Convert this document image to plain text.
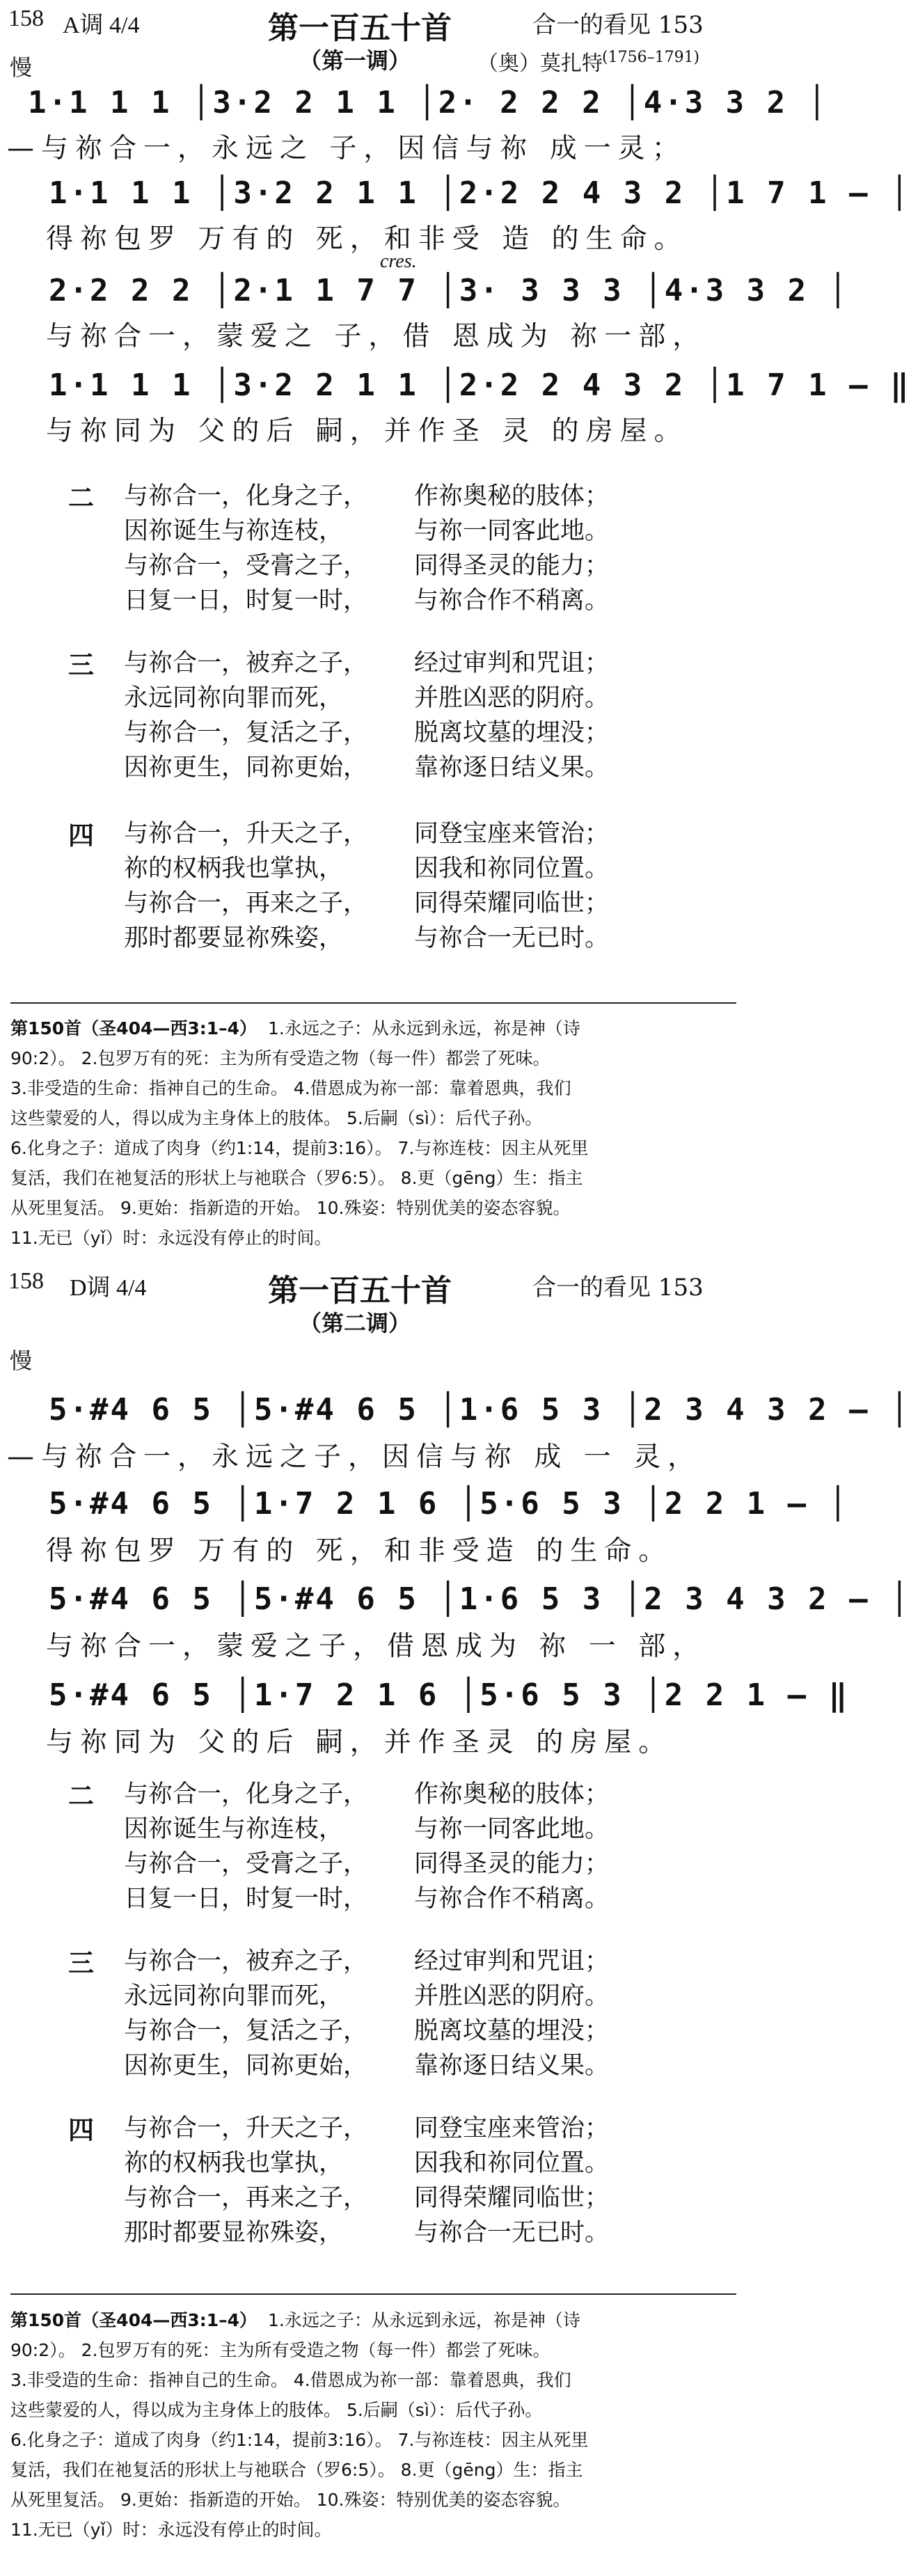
158 A调 4/4	第一百五十首	合一的看见 153
（第一调）	（奥）莫扎特 (1756–1791)
慢
1·1 1 1 │3·2 2 1 1 │2· 2 2 2 │4·3 3 2 │
—与祢合一，永远之 子，因信与祢 成一灵；
1·1 1 1 │3·2 2 1 1 │2·2 2 4 3 2 │1 7 1 – │
得祢包罗 万有的 死，和非受 造 的生命。
cres.
2·2 2 2 │2·1 1 7 7 │3· 3 3 3 │4·3 3 2 │
与祢合一，蒙爱之 子，借 恩成为 祢一部，
1·1 1 1 │3·2 2 1 1 │2·2 2 4 3 2 │1 7 1 – ‖
与祢同为 父的后 嗣，并作圣 灵 的房屋。
二 与祢合一，化身之子， 作祢奥秘的肢体；
因祢诞生与祢连枝，	与祢一同客此地。
与祢合一，受膏之子， 同得圣灵的能力；
日复一日，时复一时， 与祢合作不稍离。
三 与祢合一，被弃之子， 经过审判和咒诅；
永远同祢向罪而死，	并胜凶恶的阴府。
与祢合一，复活之子， 脱离坟墓的埋没；
因祢更生，同祢更始， 靠祢逐日结义果。
四 与祢合一，升天之子， 同登宝座来管治；
祢的权柄我也掌执，	因我和祢同位置。
与祢合一，再来之子， 同得荣耀同临世；
那时都要显祢殊姿，	与祢合一无已时。
第150首（圣404—西3:1–4） 1.永远之子：从永远到永远，祢是神（诗
90:2）。 2.包罗万有的死：主为所有受造之物（每一件）都尝了死味。
3.非受造的生命：指神自己的生命。 4.借恩成为祢一部：靠着恩典，我们
这些蒙爱的人，得以成为主身体上的肢体。 5.后嗣（sì）：后代子孙。
6.化身之子：道成了肉身（约1:14，提前3:16）。 7.与祢连枝：因主从死里
复活，我们在祂复活的形状上与祂联合（罗6:5）。 8.更（gēng）生：指主
从死里复活。 9.更始：指新造的开始。 10.殊姿：特别优美的姿态容貌。
11.无已（yǐ）时：永远没有停止的时间。
158 D调 4/4	第一百五十首	合一的看见 153
（第二调）
慢
5·#4 6 5 │5·#4 6 5 │1·6 5 3 │2 3 4 3 2 – │
—与祢合一，永远之子，因信与祢 成 一 灵，
5·#4 6 5 │1·7 2 1 6 │5·6 5 3 │2 2 1 – │
得祢包罗 万有的 死，和非受造 的生命。
5·#4 6 5 │5·#4 6 5 │1·6 5 3 │2 3 4 3 2 – │
与祢合一，蒙爱之子，借恩成为 祢 一 部，
5·#4 6 5 │1·7 2 1 6 │5·6 5 3 │2 2 1 – ‖
与祢同为 父的后 嗣，并作圣灵 的房屋。
二 与祢合一，化身之子， 作祢奥秘的肢体；
因祢诞生与祢连枝，	与祢一同客此地。
与祢合一，受膏之子， 同得圣灵的能力；
日复一日，时复一时， 与祢合作不稍离。
三 与祢合一，被弃之子， 经过审判和咒诅；
永远同祢向罪而死，	并胜凶恶的阴府。
与祢合一，复活之子， 脱离坟墓的埋没；
因祢更生，同祢更始， 靠祢逐日结义果。
四 与祢合一，升天之子， 同登宝座来管治；
祢的权柄我也掌执，	因我和祢同位置。
与祢合一，再来之子， 同得荣耀同临世；
那时都要显祢殊姿，	与祢合一无已时。
第150首（圣404—西3:1–4） 1.永远之子：从永远到永远，祢是神（诗
90:2）。 2.包罗万有的死：主为所有受造之物（每一件）都尝了死味。
3.非受造的生命：指神自己的生命。 4.借恩成为祢一部：靠着恩典，我们
这些蒙爱的人，得以成为主身体上的肢体。 5.后嗣（sì）：后代子孙。
6.化身之子：道成了肉身（约1:14，提前3:16）。 7.与祢连枝：因主从死里
复活，我们在祂复活的形状上与祂联合（罗6:5）。 8.更（gēng）生：指主
从死里复活。 9.更始：指新造的开始。 10.殊姿：特别优美的姿态容貌。
11.无已（yǐ）时：永远没有停止的时间。
